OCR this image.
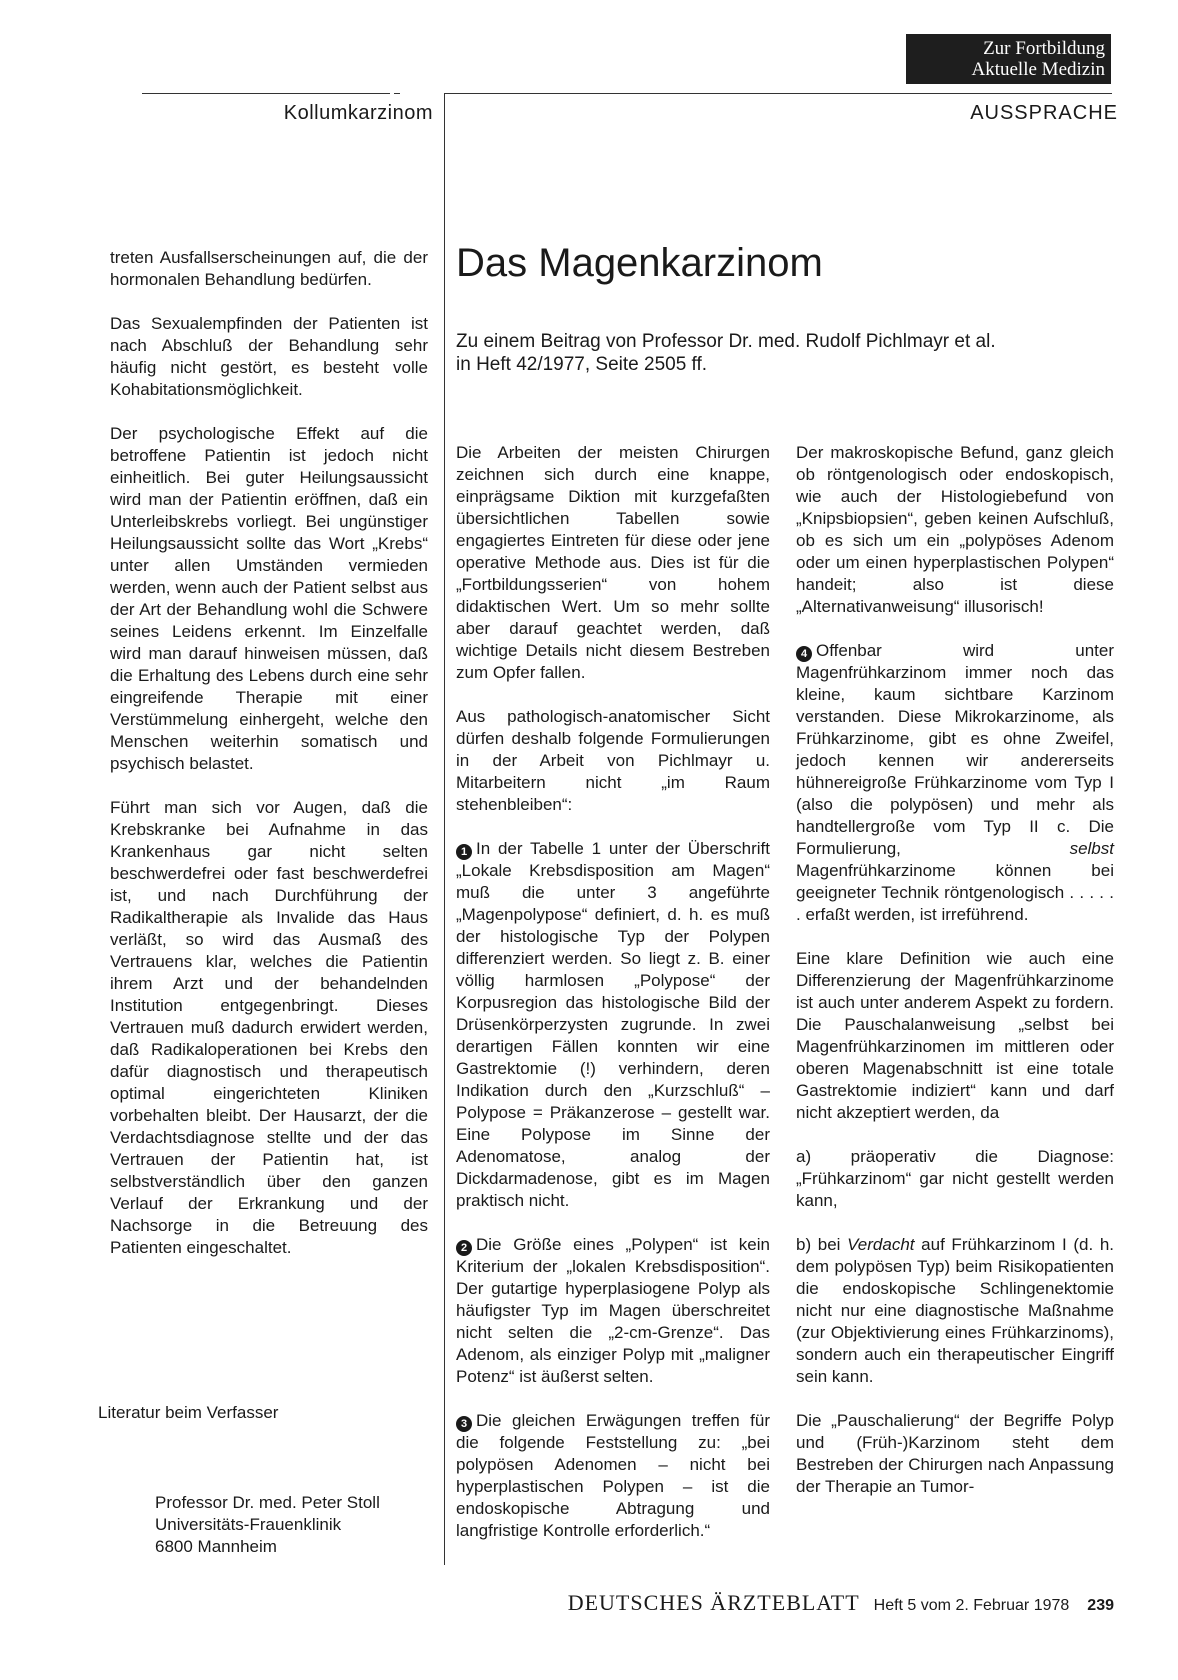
Zur Fortbildung
Aktuelle Medizin
Kollumkarzinom	AUSSPRACHE
Das Magenkarzinom
Zu einem Beitrag von Professor Dr. med. Rudolf Pichlmayr et al.
in Heft 42/1977, Seite 2505 ff.

treten Ausfallserscheinungen auf, die der hormonalen Behandlung bedürfen.

Das Sexualempfinden der Patienten ist nach Abschluß der Behandlung sehr häufig nicht gestört, es besteht volle Kohabitationsmöglichkeit.

Der psychologische Effekt auf die betroffene Patientin ist jedoch nicht einheitlich. Bei guter Heilungsaussicht wird man der Patientin eröffnen, daß ein Unterleibskrebs vorliegt. Bei ungünstiger Heilungsaussicht sollte das Wort „Krebs“ unter allen Umständen vermieden werden, wenn auch der Patient selbst aus der Art der Behandlung wohl die Schwere seines Leidens erkennt. Im Einzelfalle wird man darauf hinweisen müssen, daß die Erhaltung des Lebens durch eine sehr eingreifende Therapie mit einer Verstümmelung einhergeht, welche den Menschen weiterhin somatisch und psychisch belastet.

Führt man sich vor Augen, daß die Krebskranke bei Aufnahme in das Krankenhaus gar nicht selten beschwerdefrei oder fast beschwerdefrei ist, und nach Durchführung der Radikaltherapie als Invalide das Haus verläßt, so wird das Ausmaß des Vertrauens klar, welches die Patientin ihrem Arzt und der behandelnden Institution entgegenbringt. Dieses Vertrauen muß dadurch erwidert werden, daß Radikaloperationen bei Krebs den dafür diagnostisch und therapeutisch optimal eingerichteten Kliniken vorbehalten bleibt. Der Hausarzt, der die Verdachtsdiagnose stellte und der das Vertrauen der Patientin hat, ist selbstverständlich über den ganzen Verlauf der Erkrankung und der Nachsorge in die Betreuung des Patienten eingeschaltet.

Literatur beim Verfasser
Professor Dr. med. Peter Stoll
Universitäts-Frauenklinik
6800 Mannheim

Die Arbeiten der meisten Chirurgen zeichnen sich durch eine knappe, einprägsame Diktion mit kurzgefaßten übersichtlichen Tabellen sowie engagiertes Eintreten für diese oder jene operative Methode aus. Dies ist für die „Fortbildungsserien“ von hohem didaktischen Wert. Um so mehr sollte aber darauf geachtet werden, daß wichtige Details nicht diesem Bestreben zum Opfer fallen.

Aus pathologisch-anatomischer Sicht dürfen deshalb folgende Formulierungen in der Arbeit von Pichlmayr u. Mitarbeitern nicht „im Raum stehenbleiben“:

1 In der Tabelle 1 unter der Überschrift „Lokale Krebsdisposition am Magen“ muß die unter 3 angeführte „Magenpolypose“ definiert, d. h. es muß der histologische Typ der Polypen differenziert werden. So liegt z. B. einer völlig harmlosen „Polypose“ der Korpusregion das histologische Bild der Drüsenkörperzysten zugrunde. In zwei derartigen Fällen konnten wir eine Gastrektomie (!) verhindern, deren Indikation durch den „Kurzschluß“ – Polypose = Präkanzerose – gestellt war. Eine Polypose im Sinne der Adenomatose, analog der Dickdarmadenose, gibt es im Magen praktisch nicht.

2 Die Größe eines „Polypen“ ist kein Kriterium der „lokalen Krebsdisposition“. Der gutartige hyperplasiogene Polyp als häufigster Typ im Magen überschreitet nicht selten die „2-cm-Grenze“. Das Adenom, als einziger Polyp mit „maligner Potenz“ ist äußerst selten.

3 Die gleichen Erwägungen treffen für die folgende Feststellung zu: „bei polypösen Adenomen – nicht bei hyperplastischen Polypen – ist die endoskopische Abtragung und langfristige Kontrolle erforderlich.“

Der makroskopische Befund, ganz gleich ob röntgenologisch oder endoskopisch, wie auch der Histologiebefund von „Knipsbiopsien“, geben keinen Aufschluß, ob es sich um ein „polypöses Adenom oder um einen hyperplastischen Polypen“ handeit; also ist diese „Alternativanweisung“ illusorisch!

4 Offenbar wird unter Magenfrühkarzinom immer noch das kleine, kaum sichtbare Karzinom verstanden. Diese Mikrokarzinome, als Frühkarzinome, gibt es ohne Zweifel, jedoch kennen wir andererseits hühnereigroße Frühkarzinome vom Typ I (also die polypösen) und mehr als handtellergroße vom Typ II c. Die Formulierung, selbst Magenfrühkarzinome können bei geeigneter Technik röntgenologisch . . . . . . erfaßt werden, ist irreführend.

Eine klare Definition wie auch eine Differenzierung der Magenfrühkarzinome ist auch unter anderem Aspekt zu fordern. Die Pauschalanweisung „selbst bei Magenfrühkarzinomen im mittleren oder oberen Magenabschnitt ist eine totale Gastrektomie indiziert“ kann und darf nicht akzeptiert werden, da

a) präoperativ die Diagnose: „Frühkarzinom“ gar nicht gestellt werden kann,

b) bei Verdacht auf Frühkarzinom I (d. h. dem polypösen Typ) beim Risikopatienten die endoskopische Schlingenektomie nicht nur eine diagnostische Maßnahme (zur Objektivierung eines Frühkarzinoms), sondern auch ein therapeutischer Eingriff sein kann.

Die „Pauschalierung“ der Begriffe Polyp und (Früh-)Karzinom steht dem Bestreben der Chirurgen nach Anpassung der Therapie an Tumor-

DEUTSCHES ÄRZTEBLATT Heft 5 vom 2. Februar 1978 239
